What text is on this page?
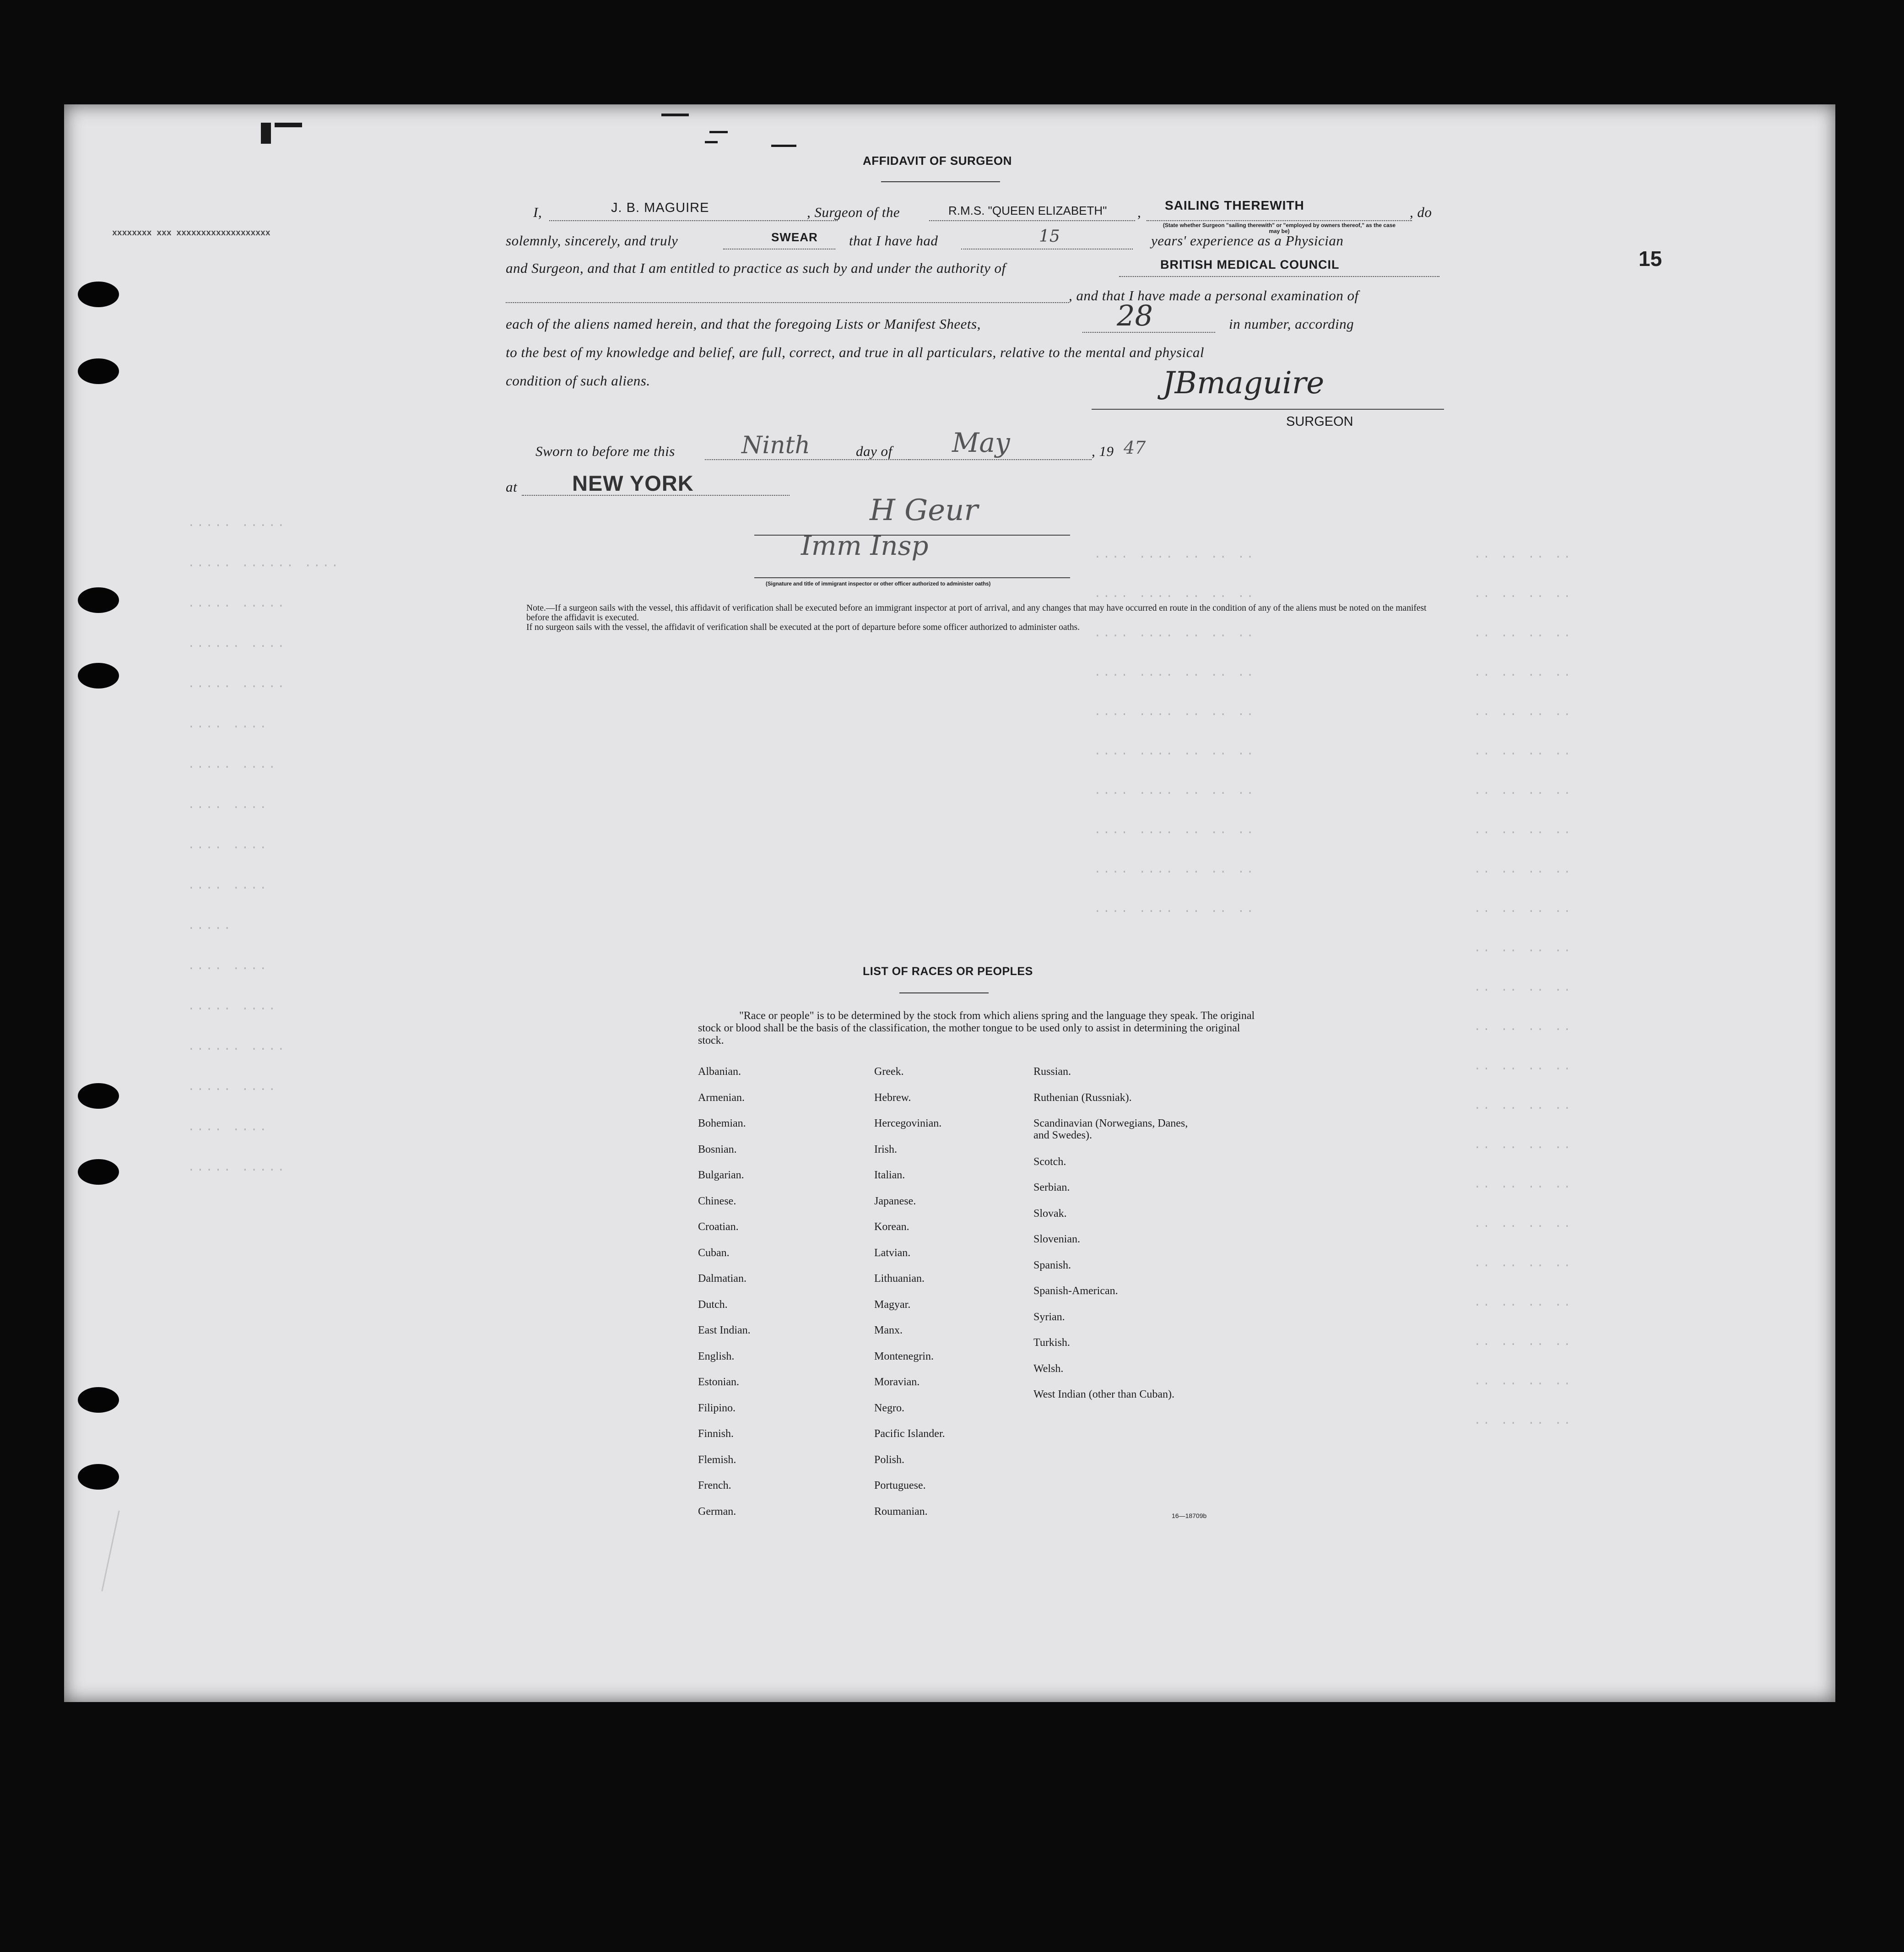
..... .....
..... ...... ....
..... .....
...... ....
..... .....
.... ....
..... ....
.... ....
.... ....
.... ....
.....
.... ....
..... ....
...... ....
..... ....
.... ....
..... .....

.... .... .. .. ..
.... .... .. .. ..
.... .... .. .. ..
.... .... .. .. ..
.... .... .. .. ..
.... .... .. .. ..
.... .... .. .. ..
.... .... .. .. ..
.... .... .. .. ..
.... .... .. .. ..

.. .. .. ..
.. .. .. ..
.. .. .. ..
.. .. .. ..
.. .. .. ..
.. .. .. ..
.. .. .. ..
.. .. .. ..
.. .. .. ..
.. .. .. ..
.. .. .. ..
.. .. .. ..
.. .. .. ..
.. .. .. ..
.. .. .. ..
.. .. .. ..
.. .. .. ..
.. .. .. ..
.. .. .. ..
.. .. .. ..
.. .. .. ..
.. .. .. ..
.. .. .. ..

xxxxxxxx xxx xxxxxxxxxxxxxxxxxxx
15
AFFIDAVIT OF SURGEON
I,	J. B. MAGUIRE	, Surgeon of the	R.M.S. "QUEEN ELIZABETH" , SAILING THEREWITH
(State whether Surgeon "sailing therewith" or "employed by owners thereof," as the case may be)
, do
solemnly, sincerely, and truly	SWEAR that I have had	15	years' experience as a Physician
and Surgeon, and that I am entitled to practice as such by and under the authority of	BRITISH MEDICAL COUNCIL
, and that I have made a personal examination of
each of the aliens named herein, and that the foregoing Lists or Manifest Sheets,	28	in number, according
to the best of my knowledge and belief, are full, correct, and true in all particulars, relative to the mental and physical
condition of such aliens.	JBmaguire
SURGEON
Sworn to before me this	Ninth	day of May	, 19 47
at	NEW YORK
H Geur
Imm Insp
(Signature and title of immigrant inspector or other officer authorized to administer oaths)
Note.—If a surgeon sails with the vessel, this affidavit of verification shall be executed before an immigrant inspector at port of arrival, and any changes that may have occurred en route in the condition of any of the aliens must be noted on the manifest before the affidavit is executed.
If no surgeon sails with the vessel, the affidavit of verification shall be executed at the port of departure before some officer authorized to administer oaths.
LIST OF RACES OR PEOPLES
"Race or people" is to be determined by the stock from which aliens spring and the language they speak. The original stock or blood shall be the basis of the classification, the mother tongue to be used only to assist in determining the original stock.
Albanian.
Armenian.
Bohemian.
Bosnian.
Bulgarian.
Chinese.
Croatian.
Cuban.
Dalmatian.
Dutch.
East Indian.
English.
Estonian.
Filipino.
Finnish.
Flemish.
French.
German.
Greek.
Hebrew.
Hercegovinian.
Irish.
Italian.
Japanese.
Korean.
Latvian.
Lithuanian.
Magyar.
Manx.
Montenegrin.
Moravian.
Negro.
Pacific Islander.
Polish.
Portuguese.
Roumanian.
Russian.
Ruthenian (Russniak).
Scandinavian (Norwegians, Danes, and Swedes).
Scotch.
Serbian.
Slovak.
Slovenian.
Spanish.
Spanish-American.
Syrian.
Turkish.
Welsh.
West Indian (other than Cuban).
16—18709b
